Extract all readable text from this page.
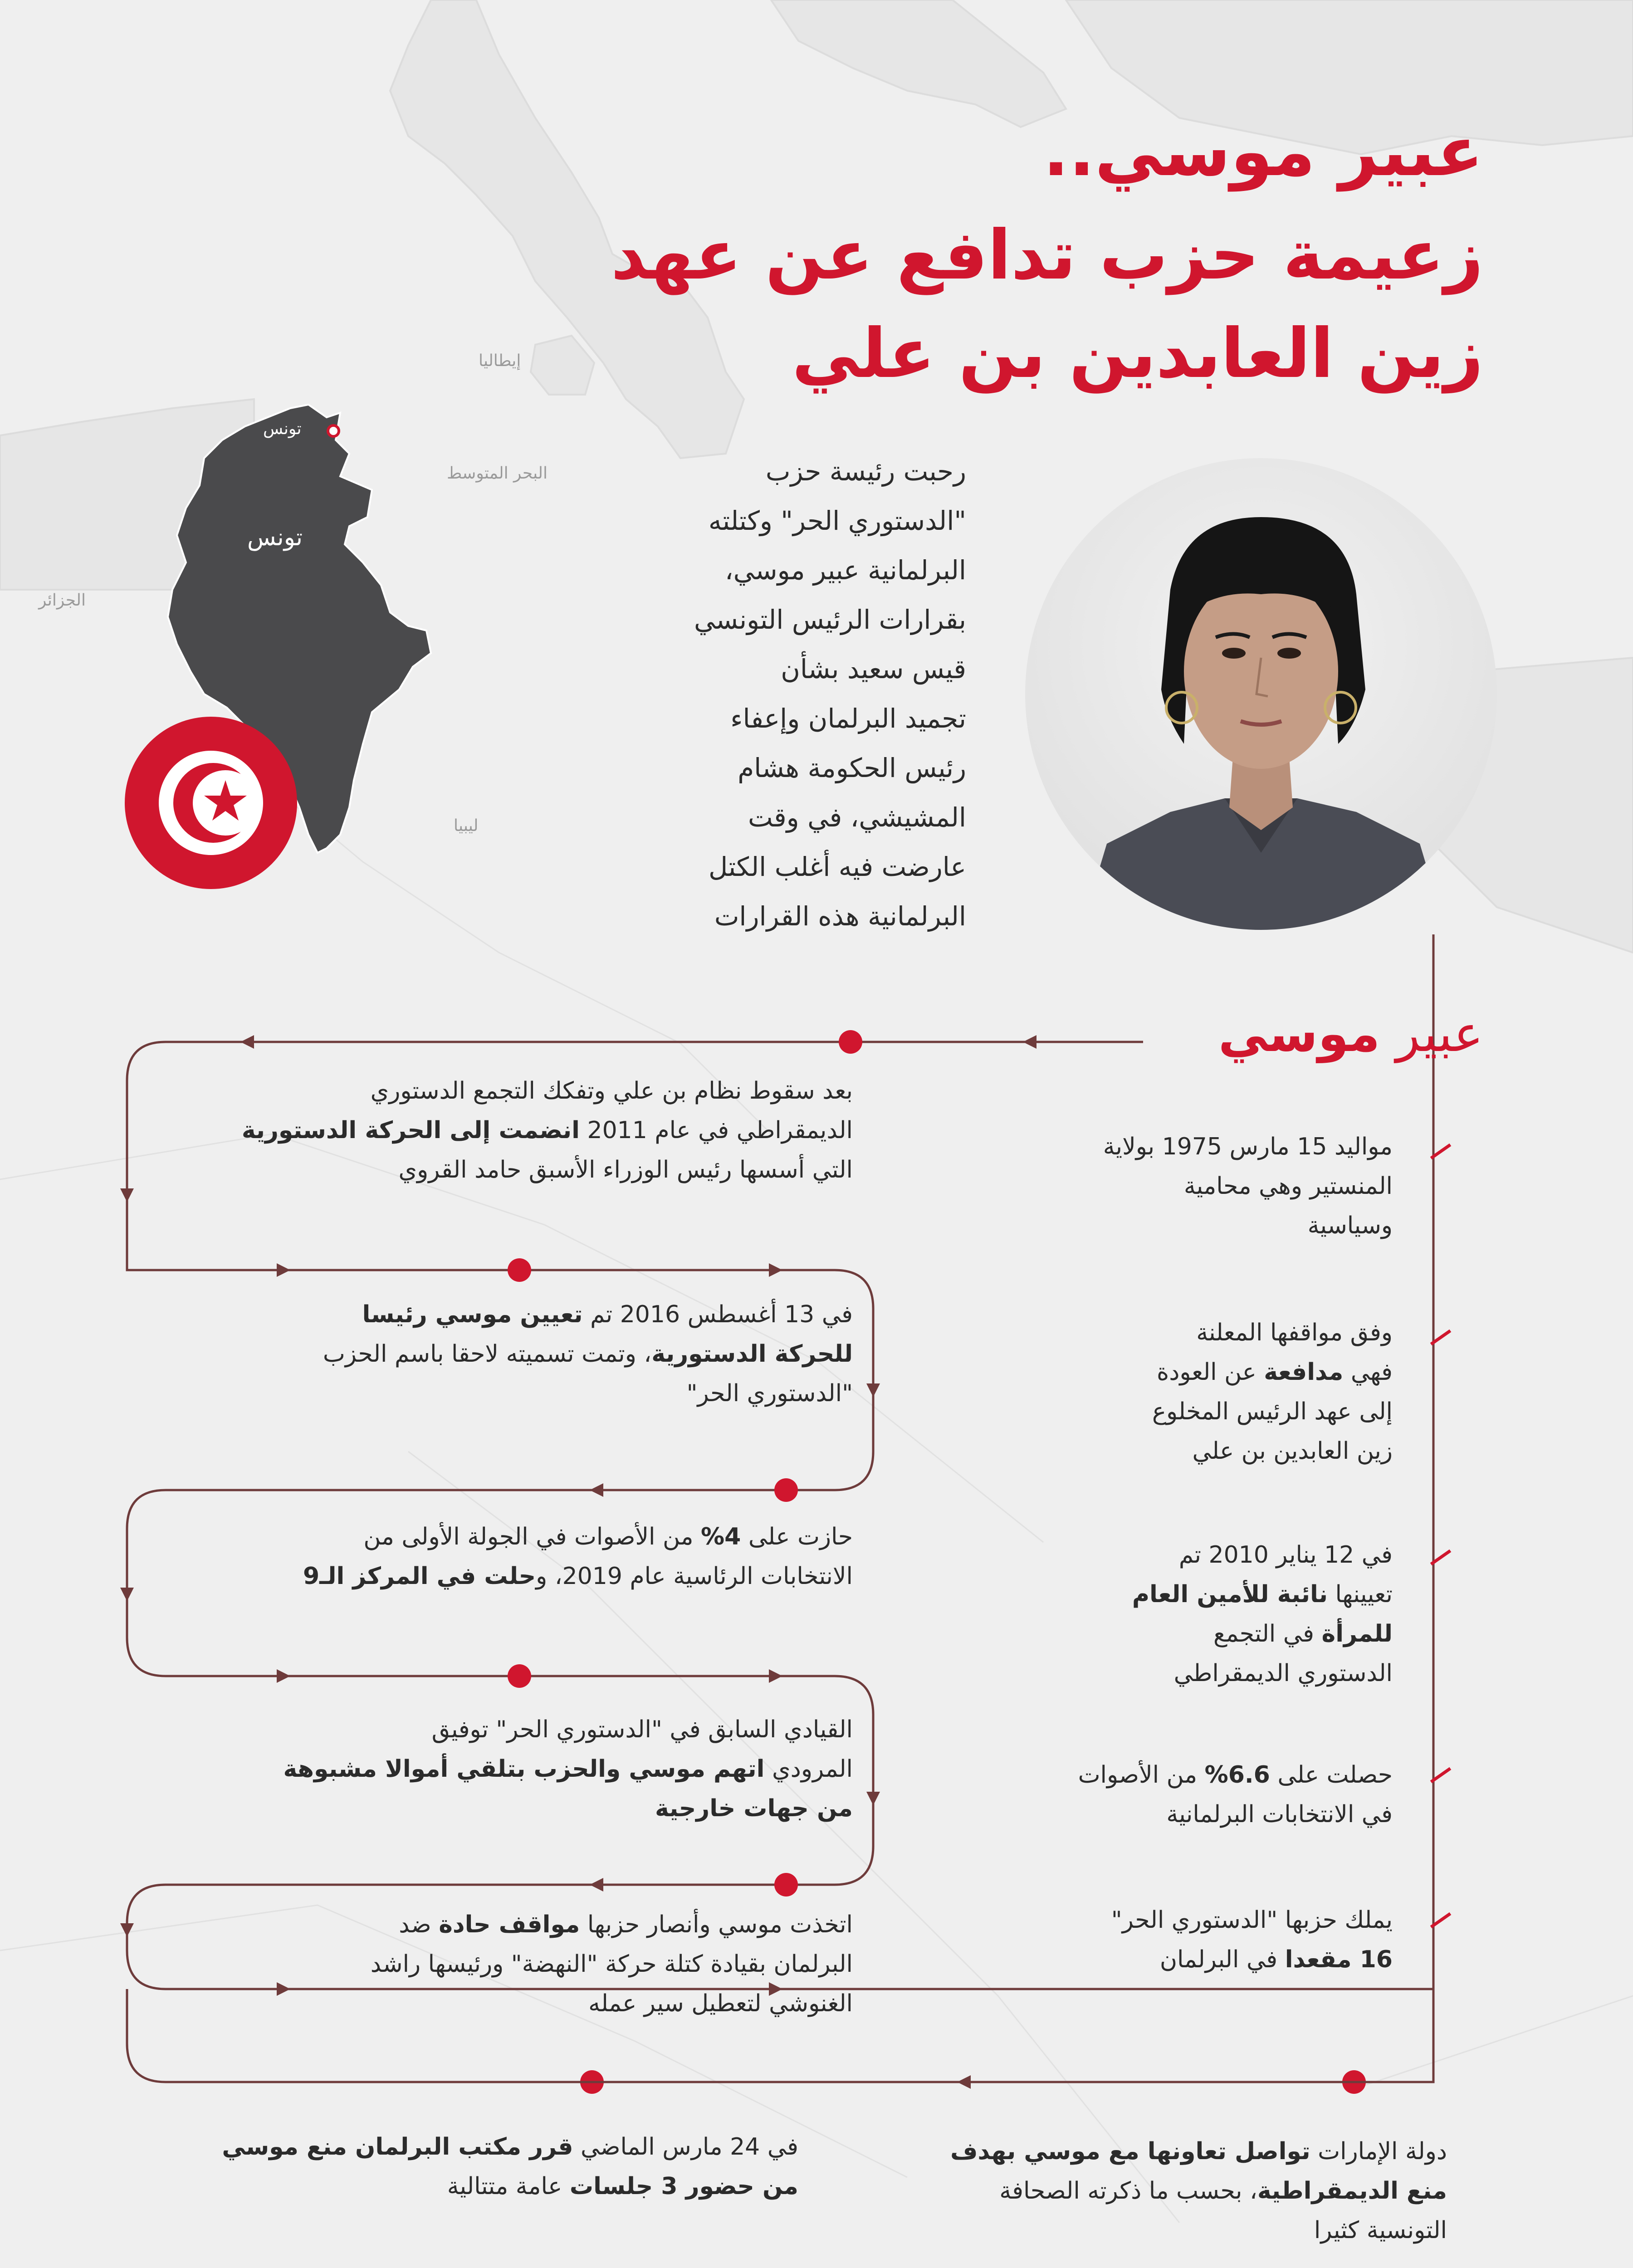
عبير موسي..
زعيمة حزب تدافع عن عهد
زين العابدين بن علي
إيطاليا
البحر المتوسط
الجزائر
ليبيا
تونس
تونس
رحبت رئيسة حزب
"الدستوري الحر" وكتلته
البرلمانية عبير موسي،
بقرارات الرئيس التونسي
قيس سعيد بشأن
تجميد البرلمان وإعفاء
رئيس الحكومة هشام
المشيشي، في وقت
عارضت فيه أغلب الكتل
البرلمانية هذه القرارات
عبير موسي
مواليد 15 مارس 1975 بولاية
المنستير وهي محامية
وسياسية
وفق مواقفها المعلنة
فهي مدافعة عن العودة
إلى عهد الرئيس المخلوع
زين العابدين بن علي
في 12 يناير 2010 تم
تعيينها نائبة للأمين العام
للمرأة في التجمع
الدستوري الديمقراطي
حصلت على 6.6% من الأصوات
في الانتخابات البرلمانية
يملك حزبها "الدستوري الحر"
16 مقعدا في البرلمان
بعد سقوط نظام بن علي وتفكك التجمع الدستوري
الديمقراطي في عام 2011 انضمت إلى الحركة الدستورية
التي أسسها رئيس الوزراء الأسبق حامد القروي
في 13 أغسطس 2016 تم تعيين موسي رئيسا
للحركة الدستورية، وتمت تسميته لاحقا باسم الحزب
"الدستوري الحر"
حازت على 4% من الأصوات في الجولة الأولى من
الانتخابات الرئاسية عام 2019، وحلت في المركز الـ9
القيادي السابق في "الدستوري الحر" توفيق
المرودي اتهم موسي والحزب بتلقي أموالا مشبوهة
من جهات خارجية
اتخذت موسي وأنصار حزبها مواقف حادة ضد
البرلمان بقيادة كتلة حركة "النهضة" ورئيسها راشد
الغنوشي لتعطيل سير عمله
في 24 مارس الماضي قرر مكتب البرلمان منع موسي
من حضور 3 جلسات عامة متتالية
دولة الإمارات تواصل تعاونها مع موسي بهدف
منع الديمقراطية، بحسب ما ذكرته الصحافة
التونسية كثيرا
